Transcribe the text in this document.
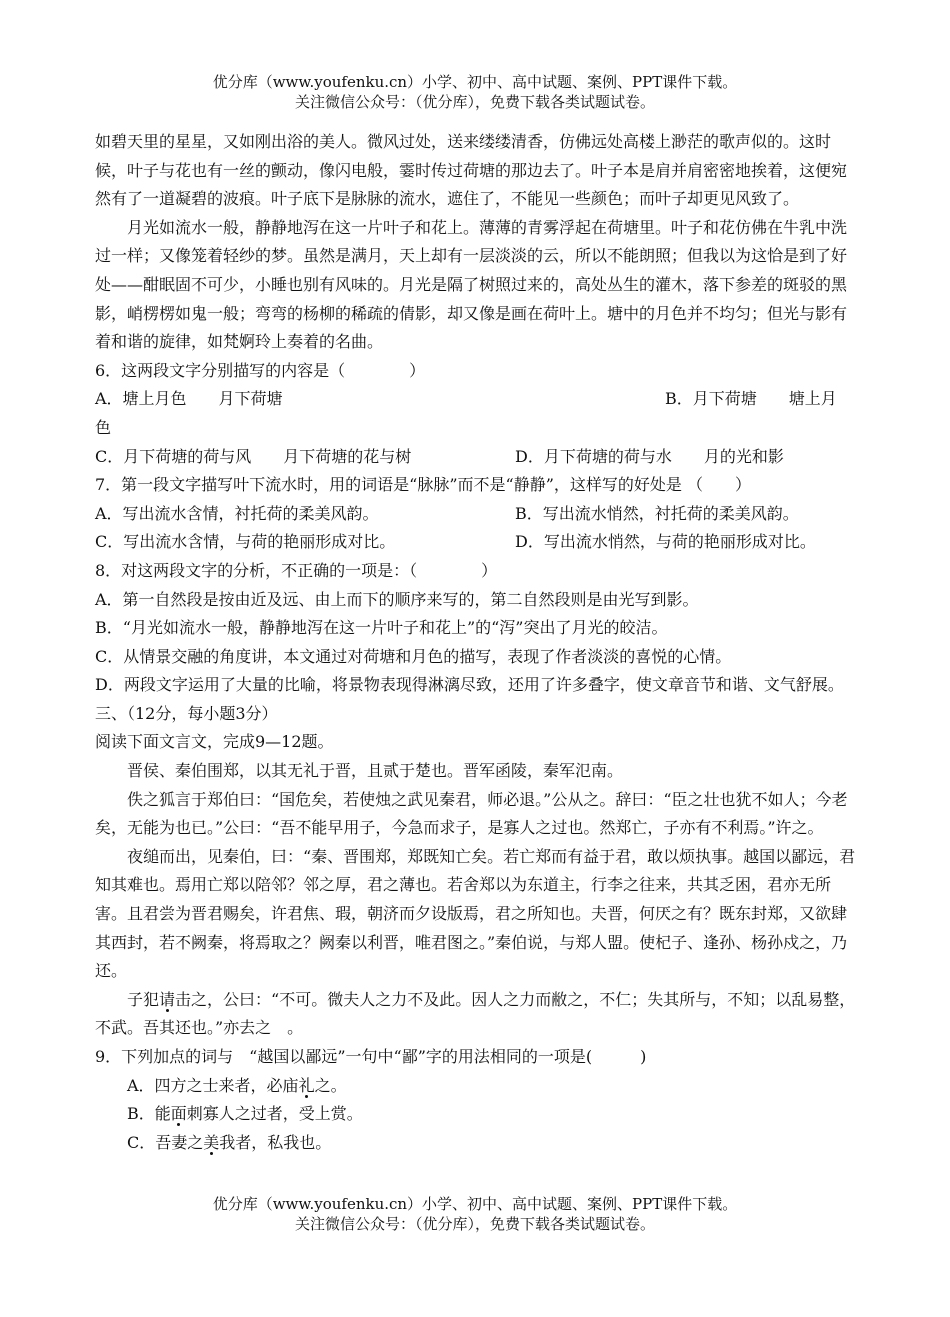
优分库（www.youfenku.cn）小学、初中、高中试题、案例、PPT课件下载。
关注微信公众号：（优分库），免费下载各类试题试卷。

如碧天里的星星，又如刚出浴的美人。微风过处，送来缕缕清香，仿佛远处高楼上渺茫的歌声似的。这时候，叶子与花也有一丝的颤动，像闪电般，霎时传过荷塘的那边去了。叶子本是肩并肩密密地挨着，这便宛然有了一道凝碧的波痕。叶子底下是脉脉的流水，遮住了，不能见一些颜色；而叶子却更见风致了。

月光如流水一般，静静地泻在这一片叶子和花上。薄薄的青雾浮起在荷塘里。叶子和花仿佛在牛乳中洗过一样；又像笼着轻纱的梦。虽然是满月，天上却有一层淡淡的云，所以不能朗照；但我以为这恰是到了好处——酣眠固不可少，小睡也别有风味的。月光是隔了树照过来的，高处丛生的灌木，落下参差的斑驳的黑影，峭楞楞如鬼一般；弯弯的杨柳的稀疏的倩影，却又像是画在荷叶上。塘中的月色并不均匀；但光与影有着和谐的旋律，如梵婀玲上奏着的名曲。

6．这两段文字分别描写的内容是（　　　　）

A．塘上月色　　月下荷塘	B．月下荷塘　　塘上月

色

C．月下荷塘的荷与风　　月下荷塘的花与树	D．月下荷塘的荷与水　　月的光和影

7．第一段文字描写叶下流水时，用的词语是“脉脉”而不是“静静”，这样写的好处是 （　　）

A．写出流水含情，衬托荷的柔美风韵。	B．写出流水悄然，衬托荷的柔美风韵。
C．写出流水含情，与荷的艳丽形成对比。	D．写出流水悄然，与荷的艳丽形成对比。

8．对这两段文字的分析，不正确的一项是：（　　　　）

A．第一自然段是按由近及远、由上而下的顺序来写的，第二自然段则是由光写到影。

B．“月光如流水一般，静静地泻在这一片叶子和花上”的“泻”突出了月光的皎洁。

C．从情景交融的角度讲，本文通过对荷塘和月色的描写，表现了作者淡淡的喜悦的心情。

D．两段文字运用了大量的比喻，将景物表现得淋漓尽致，还用了许多叠字，使文章音节和谐、文气舒展。

三、（12分，每小题3分）

阅读下面文言文，完成9—12题。

晋侯、秦伯围郑，以其无礼于晋，且贰于楚也。晋军函陵，秦军氾南。

佚之狐言于郑伯曰：“国危矣，若使烛之武见秦君，师必退。”公从之。辞曰：“臣之壮也犹不如人；今老矣，无能为也已。”公曰：“吾不能早用子，今急而求子，是寡人之过也。然郑亡，子亦有不利焉。”许之。

夜缒而出，见秦伯，曰：“秦、晋围郑，郑既知亡矣。若亡郑而有益于君，敢以烦执事。越国以鄙远，君知其难也。焉用亡郑以陪邻？邻之厚，君之薄也。若舍郑以为东道主，行李之往来，共其乏困，君亦无所害。且君尝为晋君赐矣，许君焦、瑕，朝济而夕设版焉，君之所知也。夫晋，何厌之有？既东封郑，又欲肆其西封，若不阙秦，将焉取之？阙秦以利晋，唯君图之。”秦伯说，与郑人盟。使杞子、逢孙、杨孙戍之，乃还。

子犯请击之，公曰：“不可。微夫人之力不及此。因人之力而敝之，不仁；失其所与，不知；以乱易整，不武。吾其还也。”亦去之　。

9．下列加点的词与　“越国以鄙远”一句中“鄙”字的用法相同的一项是(　　　)

A．四方之士来者，必庙礼之。

B．能面刺寡人之过者，受上赏。

C．吾妻之美我者，私我也。

优分库（www.youfenku.cn）小学、初中、高中试题、案例、PPT课件下载。
关注微信公众号：（优分库），免费下载各类试题试卷。
